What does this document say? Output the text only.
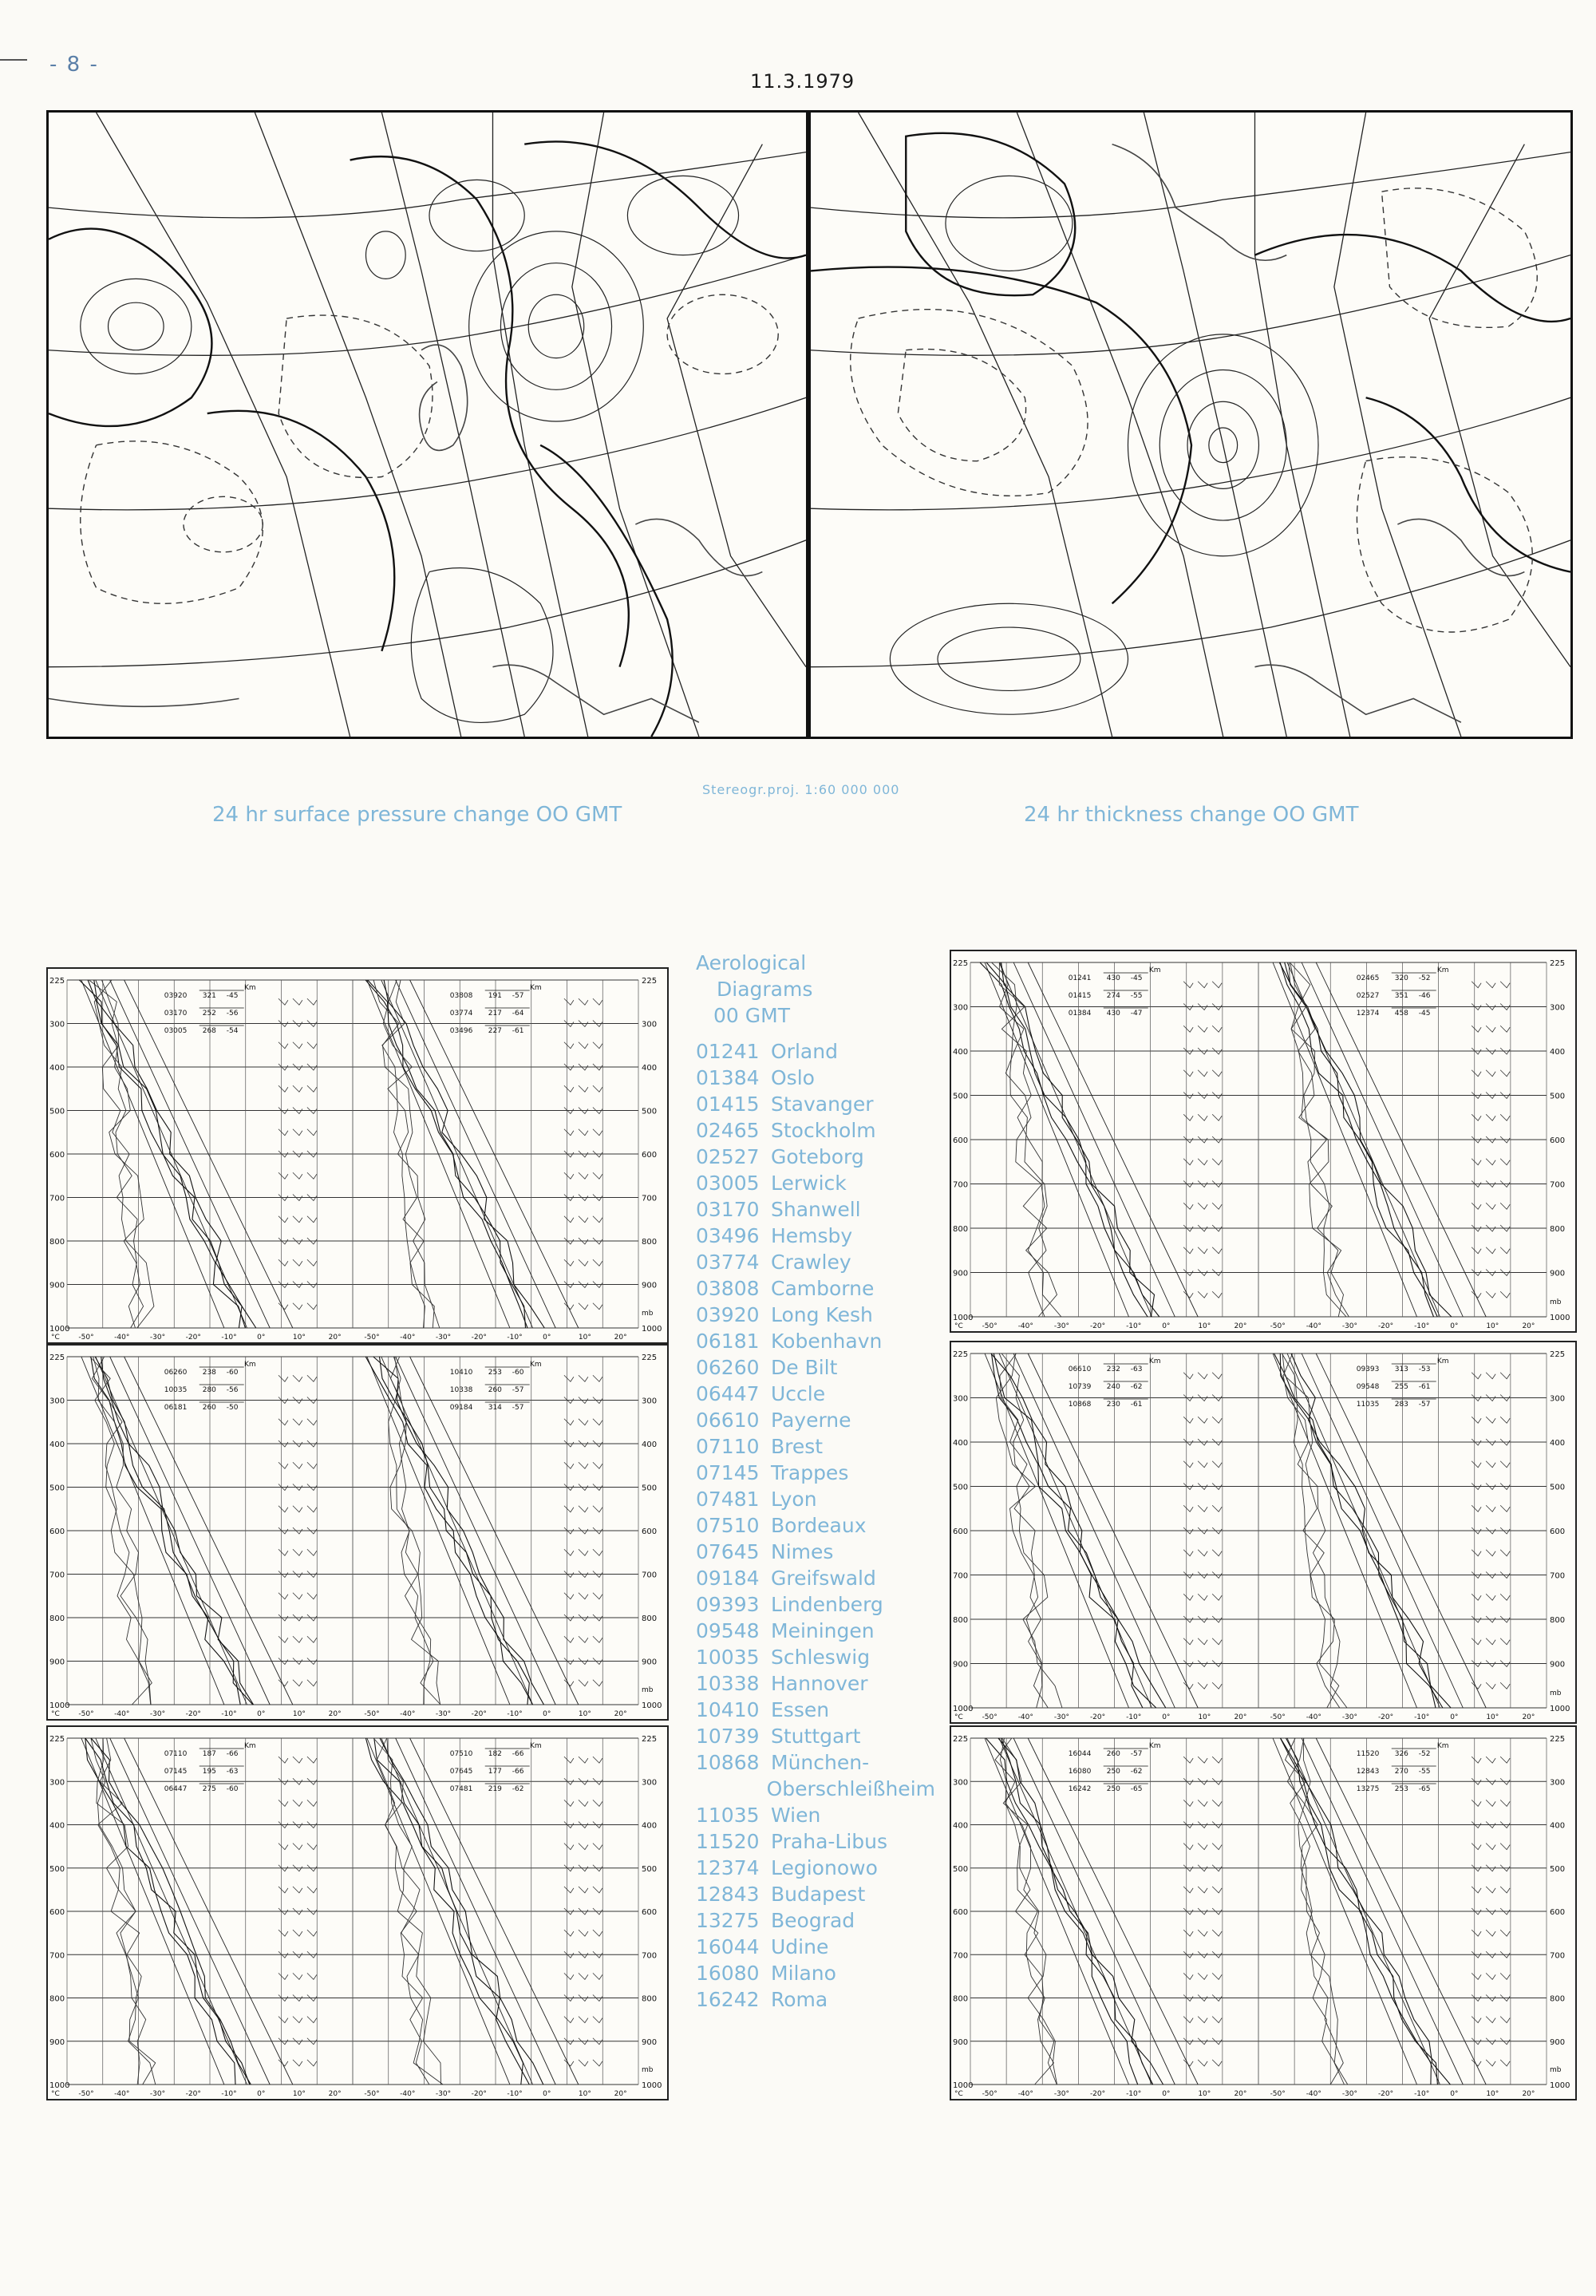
- 8 -
11.3.1979
24 hr surface pressure change OO GMT
Stereogr.proj. 1:60 000 000
24 hr thickness change OO GMT
225	225
300	300
400	400
500	500
600	600
700	700
800	800
900	900
1000	1000
-50°	-40°	-30°	-20°	-10°	0°	10°	20°
Km
03920 321 -45
03170 252 -56
03005 268 -54
-50°	-40°	-30°	-20°	-10°	0°	10°	20°
Km
03808 191 -57
03774 217 -64
03496 227 -61
°C
mb
225	225
300	300
400	400
500	500
600	600
700	700
800	800
900	900
1000	1000
-50°	-40°	-30°	-20°	-10°	0°	10°	20°
Km
01241 430 -45
01415 274 -55
01384 430 -47
-50°	-40°	-30°	-20°	-10°	0°	10°	20°
Km
02465 320 -52
02527 351 -46
12374 458 -45
°C
mb
225	225
300	300
400	400
500	500
600	600
700	700
800	800
900	900
1000	1000
-50°	-40°	-30°	-20°	-10°	0°	10°	20°
Km
06260 238 -60
10035 280 -56
06181 260 -50
-50°	-40°	-30°	-20°	-10°	0°	10°	20°
Km
10410 253 -60
10338 260 -57
09184 314 -57
°C
mb
225	225
300	300
400	400
500	500
600	600
700	700
800	800
900	900
1000	1000
-50°	-40°	-30°	-20°	-10°	0°	10°	20°
Km
06610 232 -63
10739 240 -62
10868 230 -61
-50°	-40°	-30°	-20°	-10°	0°	10°	20°
Km
09393 313 -53
09548 255 -61
11035 283 -57
°C
mb
225	225
300	300
400	400
500	500
600	600
700	700
800	800
900	900
1000	1000
-50°	-40°	-30°	-20°	-10°	0°	10°	20°
Km
07110 187 -66
07145 195 -63
06447 275 -60
-50°	-40°	-30°	-20°	-10°	0°	10°	20°
Km
07510 182 -66
07645 177 -66
07481 219 -62
°C
mb
225	225
300	300
400	400
500	500
600	600
700	700
800	800
900	900
1000	1000
-50°	-40°	-30°	-20°	-10°	0°	10°	20°
Km
16044 260 -57
16080 250 -62
16242 250 -65
-50°	-40°	-30°	-20°	-10°	0°	10°	20°
Km
11520 326 -52
12843 270 -55
13275 253 -65
°C
mb
Aerological
Diagrams
00 GMT
01241 Orland
01384 Oslo
01415 Stavanger
02465 Stockholm
02527 Goteborg
03005 Lerwick
03170 Shanwell
03496 Hemsby
03774 Crawley
03808 Camborne
03920 Long Kesh
06181 Kobenhavn
06260 De Bilt
06447 Uccle
06610 Payerne
07110 Brest
07145 Trappes
07481 Lyon
07510 Bordeaux
07645 Nimes
09184 Greifswald
09393 Lindenberg
09548 Meiningen
10035 Schleswig
10338 Hannover
10410 Essen
10739 Stuttgart
10868 München-
Oberschleißheim
11035 Wien
11520 Praha-Libus
12374 Legionowo
12843 Budapest
13275 Beograd
16044 Udine
16080 Milano
16242 Roma
